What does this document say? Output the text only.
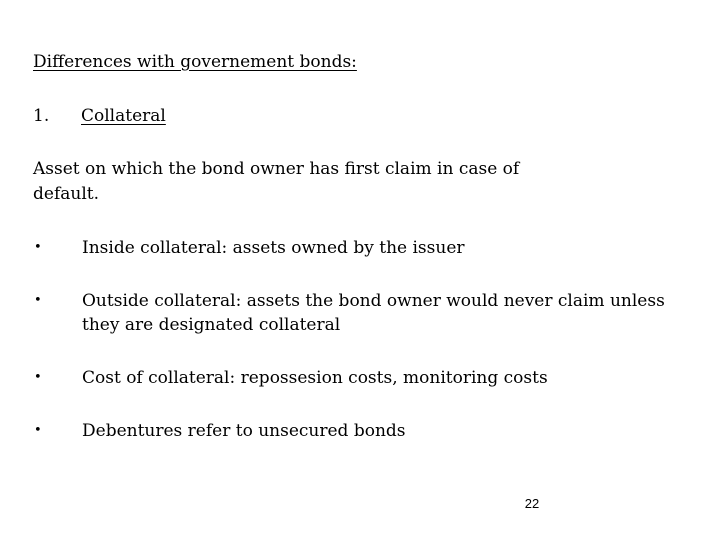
Differences with governement bonds:
1. Collateral
Asset on which the bond owner has first claim in case of default.
•	Inside collateral: assets owned by the issuer
•	Outside collateral: assets the bond owner would never claim unless they are designated collateral
•	Cost of collateral: repossesion costs, monitoring costs
•	Debentures refer to unsecured bonds
22
